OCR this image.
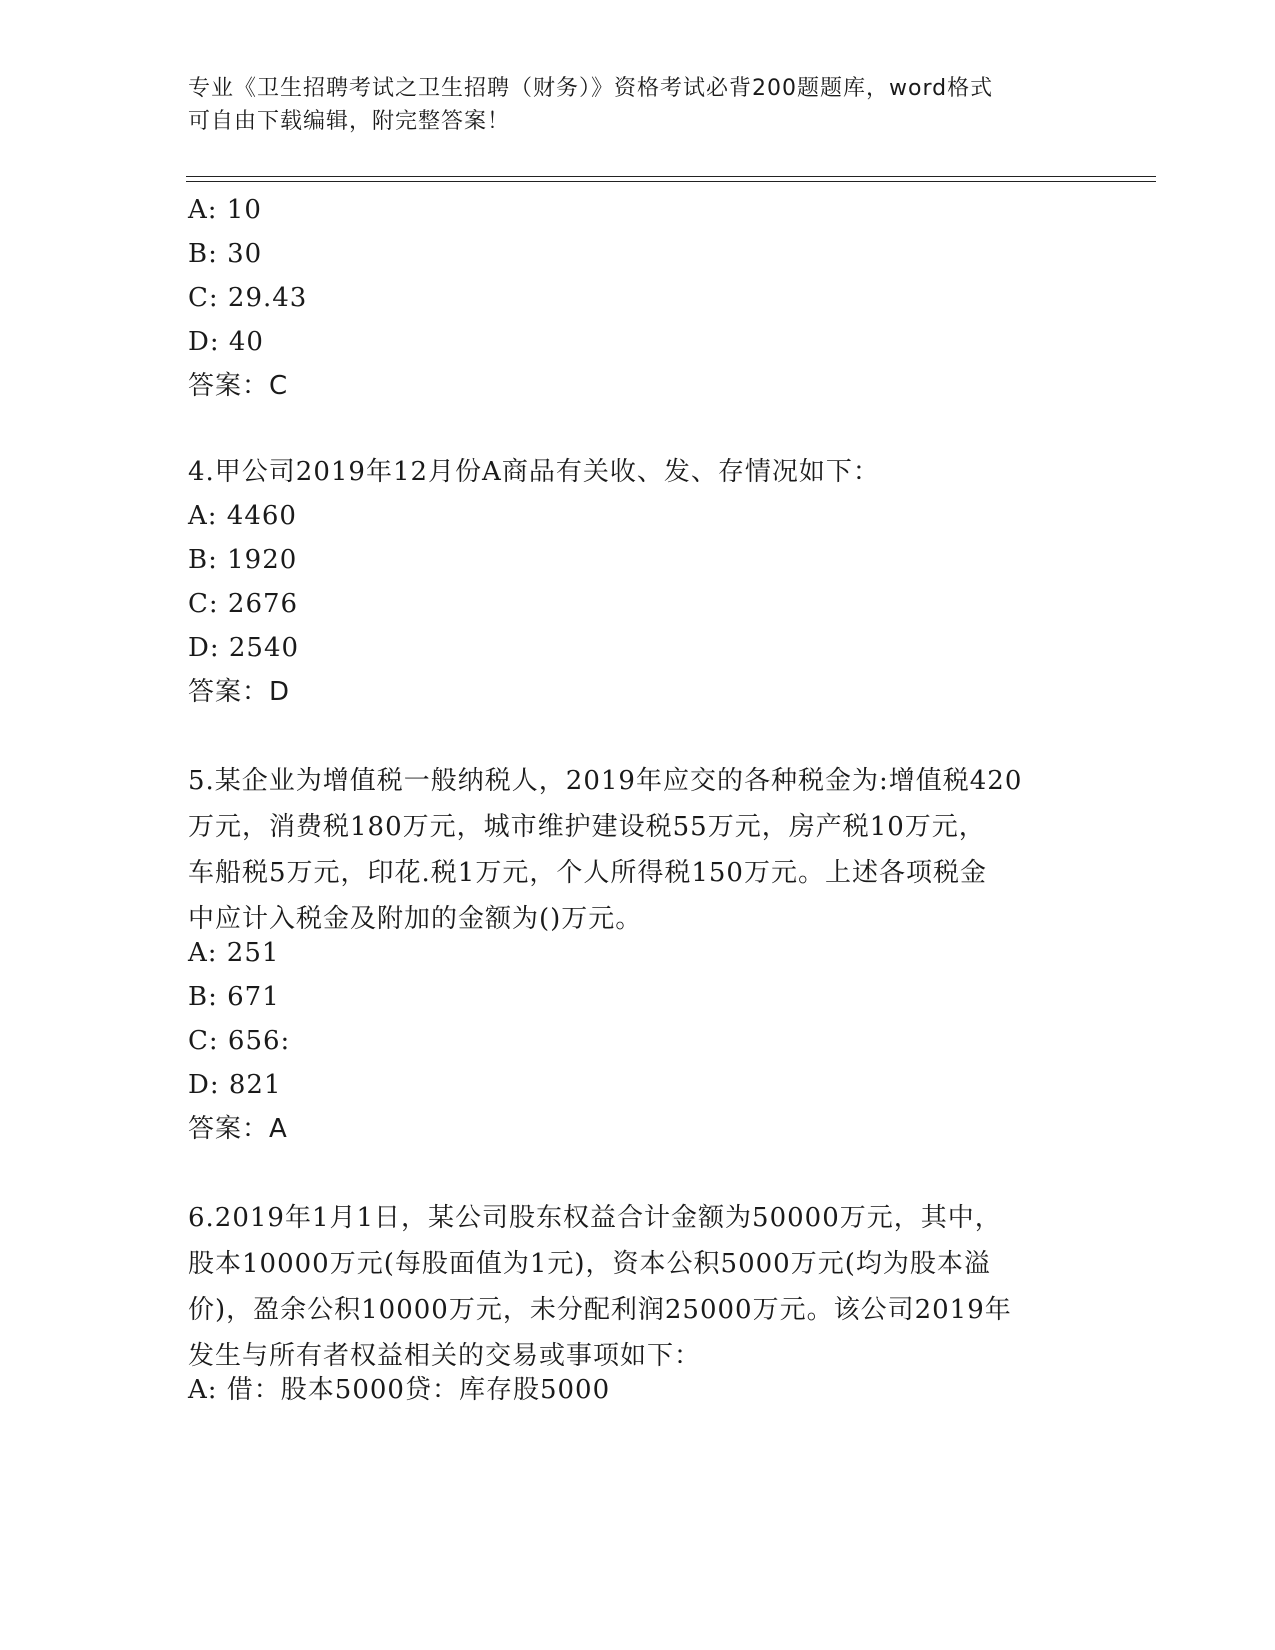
专业《卫生招聘考试之卫生招聘（财务）》资格考试必背200题题库，word格式
可自由下载编辑，附完整答案！
A: 10
B: 30
C: 29.43
D: 40
答案：C
4.甲公司2019年12月份A商品有关收、发、存情况如下：
A: 4460
B: 1920
C: 2676
D: 2540
答案：D
5.某企业为增值税一般纳税人，2019年应交的各种税金为:增值税420
万元，消费税180万元，城市维护建设税55万元，房产税10万元，
车船税5万元，印花.税1万元，个人所得税150万元。上述各项税金
中应计入税金及附加的金额为()万元。
A: 251
B: 671
C: 656:
D: 821
答案：A
6.2019年1月1日，某公司股东权益合计金额为50000万元，其中，
股本10000万元(每股面值为1元)，资本公积5000万元(均为股本溢
价)，盈余公积10000万元，未分配利润25000万元。该公司2019年
发生与所有者权益相关的交易或事项如下：
A: 借：股本5000贷：库存股5000
